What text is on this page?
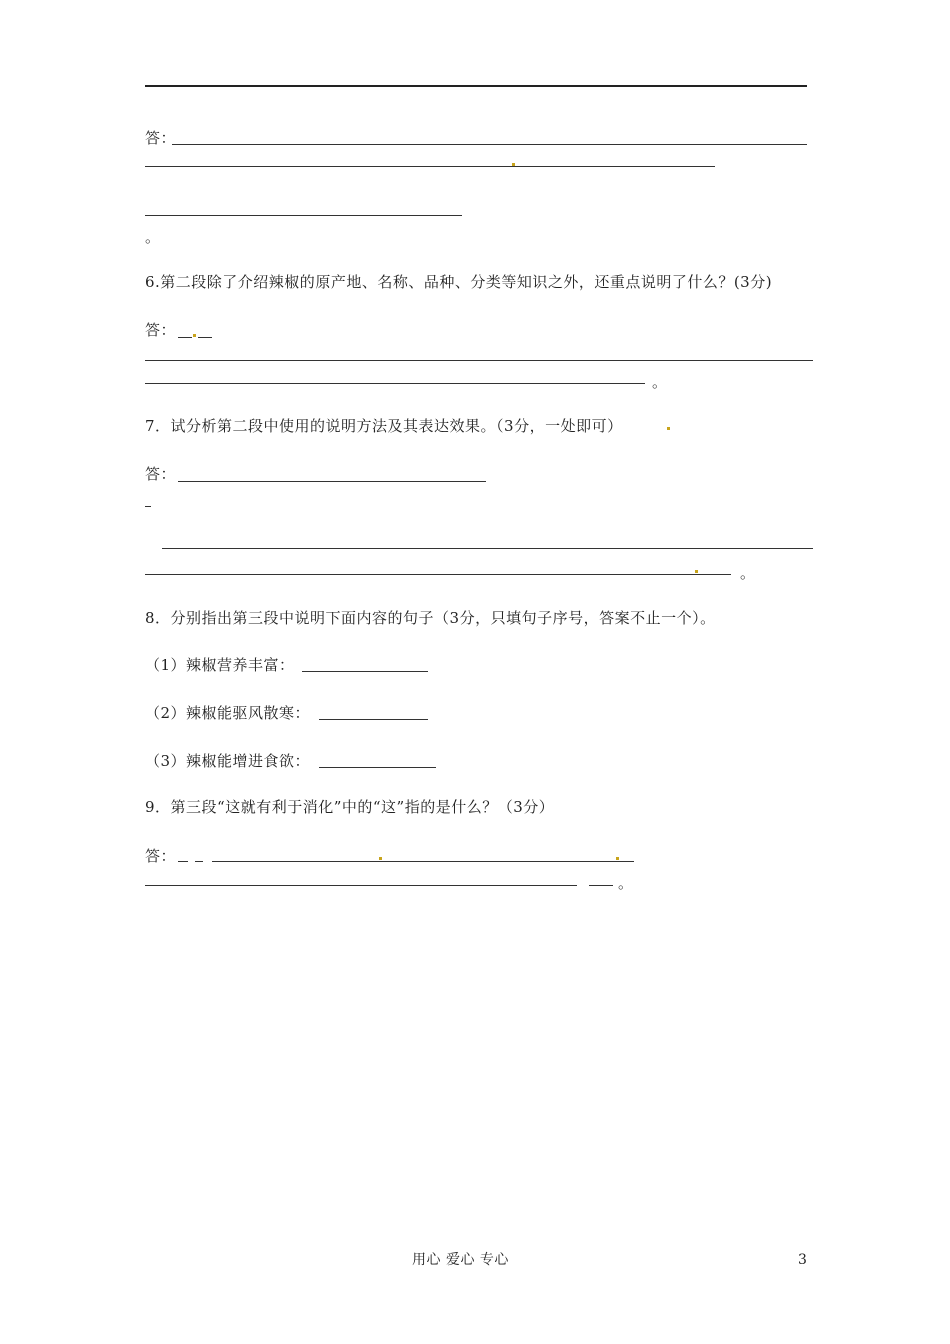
答：
。
6.第二段除了介绍辣椒的原产地、名称、品种、分类等知识之外，还重点说明了什么？(3分)
答：
。
7．试分析第二段中使用的说明方法及其表达效果。（3分，一处即可）
答：
。
8．分别指出第三段中说明下面内容的句子（3分，只填句子序号，答案不止一个）。
（1）辣椒营养丰富：
（2）辣椒能驱风散寒：
（3）辣椒能增进食欲：
9．第三段“这就有利于消化”中的“这”指的是什么？（3分）
答：
。
用心 爱心 专心	3
